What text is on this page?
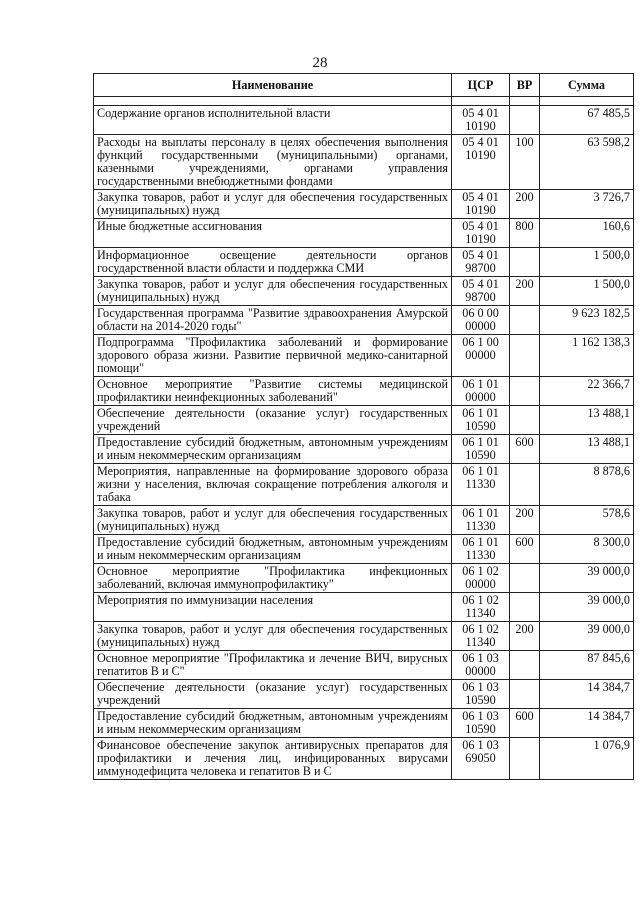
28
Наименование	ЦСР	ВР	Сумма

Содержание органов исполнительной власти	05 4 01
10190		67 485,5
Расходы на выплаты персоналу в целях обеспечения выполнения функций государственными (муниципальными) органами, казенными учреждениями, органами управления государственными внебюджетными фондами	05 4 01
10190	100	63 598,2
Закупка товаров, работ и услуг для обеспечения государственных (муниципальных) нужд	05 4 01
10190	200	3 726,7
Иные бюджетные ассигнования	05 4 01
10190	800	160,6
Информационное освещение деятельности органов государственной власти области и поддержка СМИ	05 4 01
98700		1 500,0
Закупка товаров, работ и услуг для обеспечения государственных (муниципальных) нужд	05 4 01
98700	200	1 500,0
Государственная программа "Развитие здравоохранения Амурской области на 2014-2020 годы"	06 0 00
00000		9 623 182,5
Подпрограмма "Профилактика заболеваний и формирование здорового образа жизни. Развитие первичной медико-санитарной помощи"	06 1 00
00000		1 162 138,3
Основное мероприятие "Развитие системы медицинской профилактики неинфекционных заболеваний"	06 1 01
00000		22 366,7
Обеспечение деятельности (оказание услуг) государственных учреждений	06 1 01
10590		13 488,1
Предоставление субсидий бюджетным, автономным учреждениям и иным некоммерческим организациям	06 1 01
10590	600	13 488,1
Мероприятия, направленные на формирование здорового образа жизни у населения, включая сокращение потребления алкоголя и табака	06 1 01
11330		8 878,6
Закупка товаров, работ и услуг для обеспечения государственных (муниципальных) нужд	06 1 01
11330	200	578,6
Предоставление субсидий бюджетным, автономным учреждениям и иным некоммерческим организациям	06 1 01
11330	600	8 300,0
Основное мероприятие "Профилактика инфекционных заболеваний, включая иммунопрофилактику"	06 1 02
00000		39 000,0
Мероприятия по иммунизации населения	06 1 02
11340		39 000,0
Закупка товаров, работ и услуг для обеспечения государственных (муниципальных) нужд	06 1 02
11340	200	39 000,0
Основное мероприятие "Профилактика и лечение ВИЧ, вирусных гепатитов В и С"	06 1 03
00000		87 845,6
Обеспечение деятельности (оказание услуг) государственных учреждений	06 1 03
10590		14 384,7
Предоставление субсидий бюджетным, автономным учреждениям и иным некоммерческим организациям	06 1 03
10590	600	14 384,7
Финансовое обеспечение закупок антивирусных препаратов для профилактики и лечения лиц, инфицированных вирусами иммунодефицита человека и гепатитов В и С	06 1 03
69050		1 076,9
